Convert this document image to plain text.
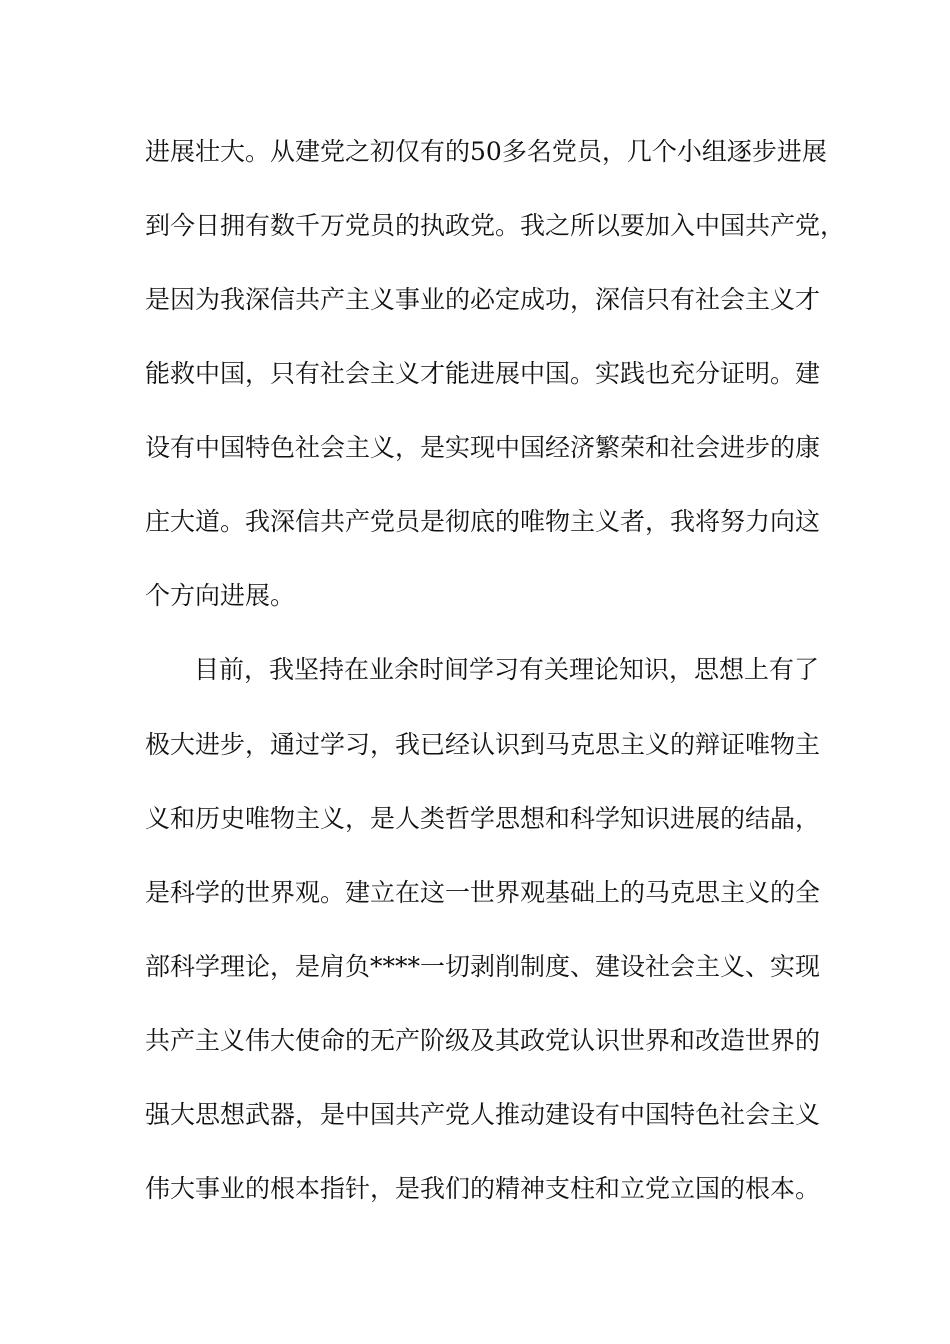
进展壮大。从建党之初仅有的50多名党员，几个小组逐步进展
到今日拥有数千万党员的执政党。我之所以要加入中国共产党，
是因为我深信共产主义事业的必定成功，深信只有社会主义才
能救中国，只有社会主义才能进展中国。实践也充分证明。建
设有中国特色社会主义，是实现中国经济繁荣和社会进步的康
庄大道。我深信共产党员是彻底的唯物主义者，我将努力向这
个方向进展。
目前，我坚持在业余时间学习有关理论知识，思想上有了
极大进步，通过学习，我已经认识到马克思主义的辩证唯物主
义和历史唯物主义，是人类哲学思想和科学知识进展的结晶，
是科学的世界观。建立在这一世界观基础上的马克思主义的全
部科学理论，是肩负****一切剥削制度、建设社会主义、实现
共产主义伟大使命的无产阶级及其政党认识世界和改造世界的
强大思想武器，是中国共产党人推动建设有中国特色社会主义
伟大事业的根本指针，是我们的精神支柱和立党立国的根本。
